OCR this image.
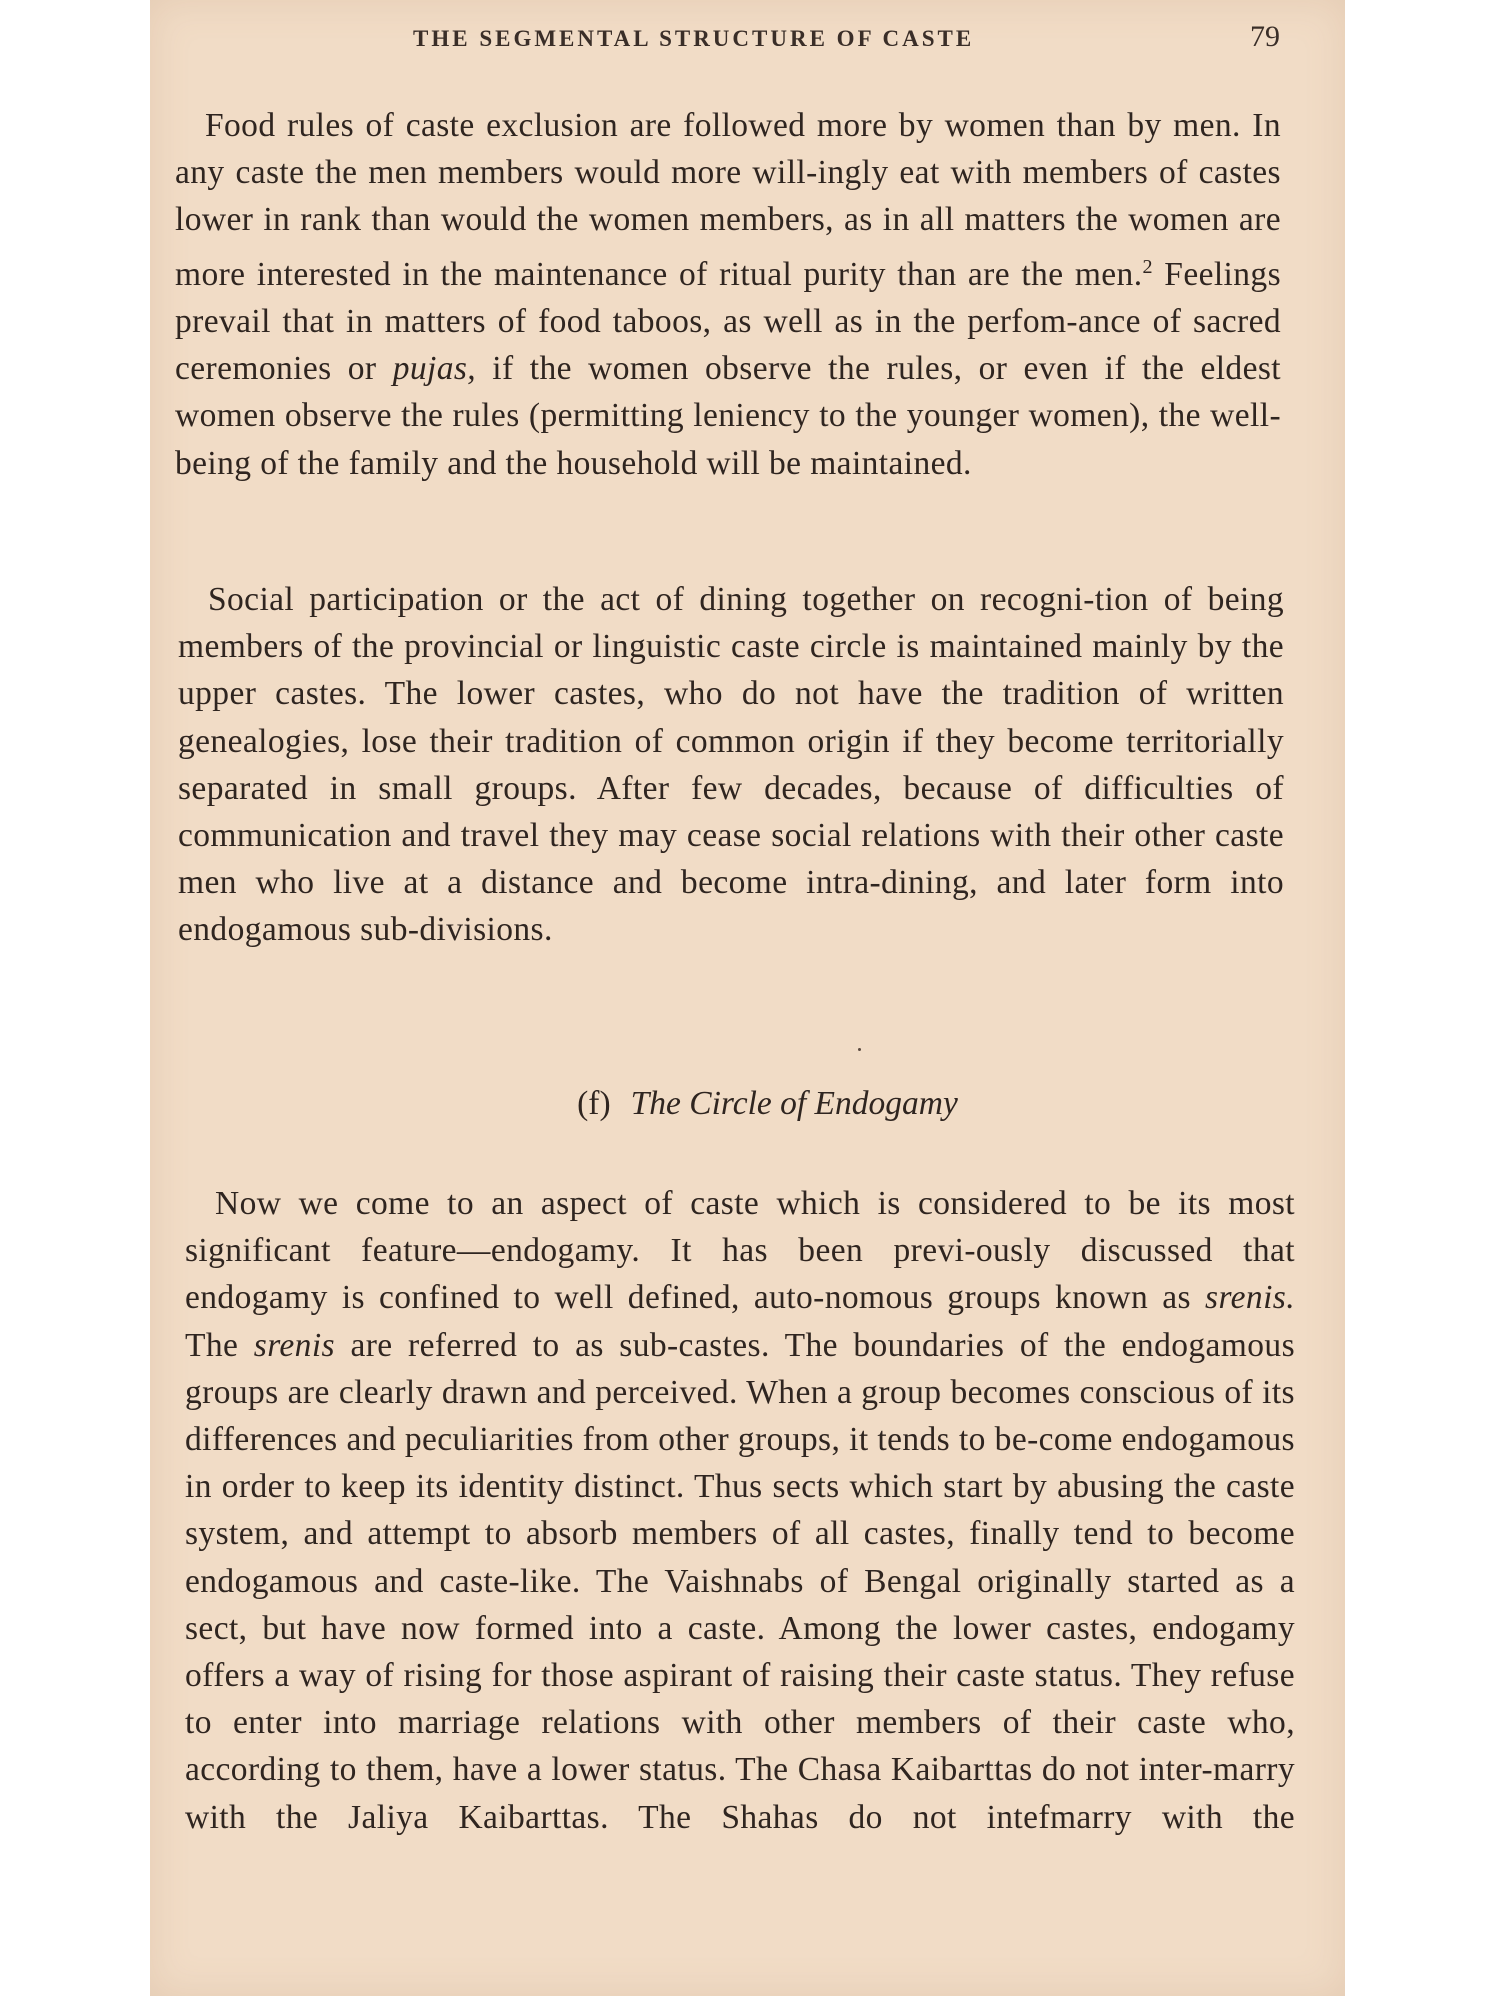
THE SEGMENTAL STRUCTURE OF CASTE	79

Food rules of caste exclusion are followed more by women than by men. In any caste the men members would more will-ingly eat with members of castes lower in rank than would the women members, as in all matters the women are more interested in the maintenance of ritual purity than are the men.$^2$ Feelings prevail that in matters of food taboos, as well as in the perfom-ance of sacred ceremonies or pujas, if the women observe the rules, or even if the eldest women observe the rules (permitting leniency to the younger women), the well-being of the family and the household will be maintained.

Social participation or the act of dining together on recogni-tion of being members of the provincial or linguistic caste circle is maintained mainly by the upper castes. The lower castes, who do not have the tradition of written genealogies, lose their tradition of common origin if they become territorially separated in small groups. After few decades, because of difficulties of communication and travel they may cease social relations with their other caste men who live at a distance and become intra-dining, and later form into endogamous sub-divisions.

(f) The Circle of Endogamy

Now we come to an aspect of caste which is considered to be its most significant feature—endogamy. It has been previ-ously discussed that endogamy is confined to well defined, auto-nomous groups known as srenis. The srenis are referred to as sub-castes. The boundaries of the endogamous groups are clearly drawn and perceived. When a group becomes conscious of its differences and peculiarities from other groups, it tends to be-come endogamous in order to keep its identity distinct. Thus sects which start by abusing the caste system, and attempt to absorb members of all castes, finally tend to become endogamous and caste-like. The Vaishnabs of Bengal originally started as a sect, but have now formed into a caste. Among the lower castes, endogamy offers a way of rising for those aspirant of raising their caste status. They refuse to enter into marriage relations with other members of their caste who, according to them, have a lower status. The Chasa Kaibarttas do not inter-marry with the Jaliya Kaibarttas. The Shahas do not intefmarry with the
